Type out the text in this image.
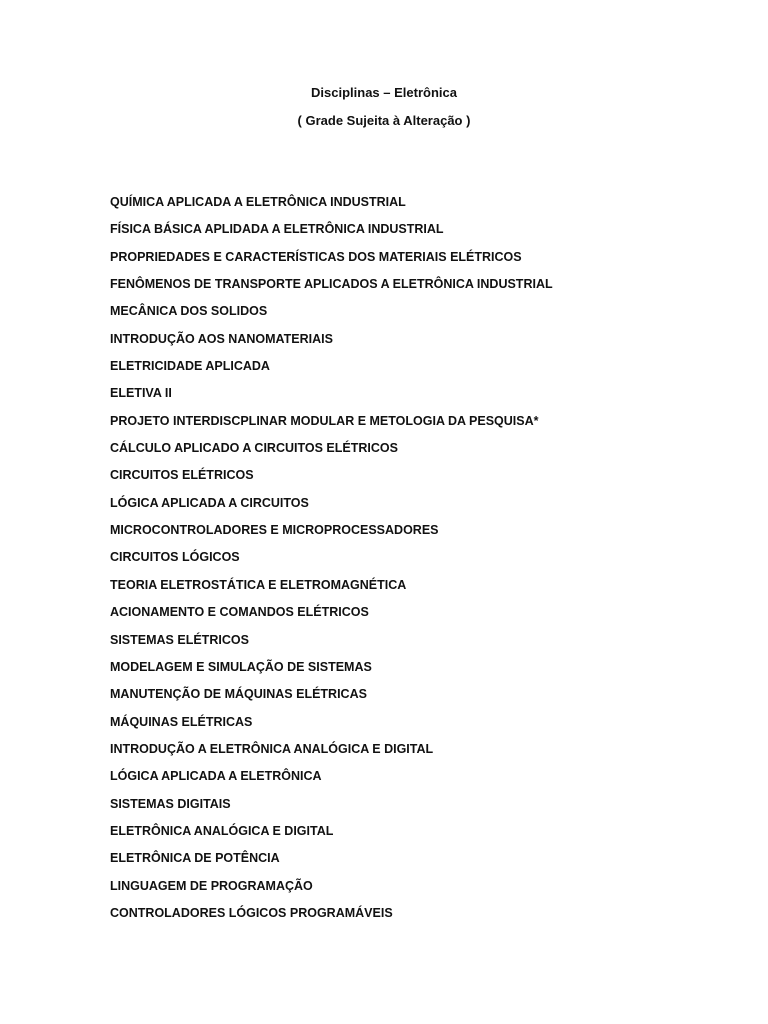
Disciplinas – Eletrônica
( Grade Sujeita à Alteração )
QUÍMICA APLICADA A ELETRÔNICA INDUSTRIAL
FÍSICA BÁSICA APLIDADA A ELETRÔNICA INDUSTRIAL
PROPRIEDADES E CARACTERÍSTICAS DOS MATERIAIS ELÉTRICOS
FENÔMENOS DE TRANSPORTE APLICADOS A ELETRÔNICA INDUSTRIAL
MECÂNICA DOS SOLIDOS
INTRODUÇÃO AOS NANOMATERIAIS
ELETRICIDADE APLICADA
ELETIVA II
PROJETO INTERDISCPLINAR MODULAR E METOLOGIA DA PESQUISA*
CÁLCULO APLICADO A CIRCUITOS ELÉTRICOS
CIRCUITOS ELÉTRICOS
LÓGICA APLICADA A CIRCUITOS
MICROCONTROLADORES E MICROPROCESSADORES
CIRCUITOS LÓGICOS
TEORIA ELETROSTÁTICA E ELETROMAGNÉTICA
ACIONAMENTO E COMANDOS ELÉTRICOS
SISTEMAS ELÉTRICOS
MODELAGEM E SIMULAÇÃO DE SISTEMAS
MANUTENÇÃO DE MÁQUINAS ELÉTRICAS
MÁQUINAS ELÉTRICAS
INTRODUÇÃO A ELETRÔNICA ANALÓGICA E DIGITAL
LÓGICA APLICADA A ELETRÔNICA
SISTEMAS DIGITAIS
ELETRÔNICA ANALÓGICA E DIGITAL
ELETRÔNICA DE POTÊNCIA
LINGUAGEM DE PROGRAMAÇÃO
CONTROLADORES LÓGICOS PROGRAMÁVEIS
